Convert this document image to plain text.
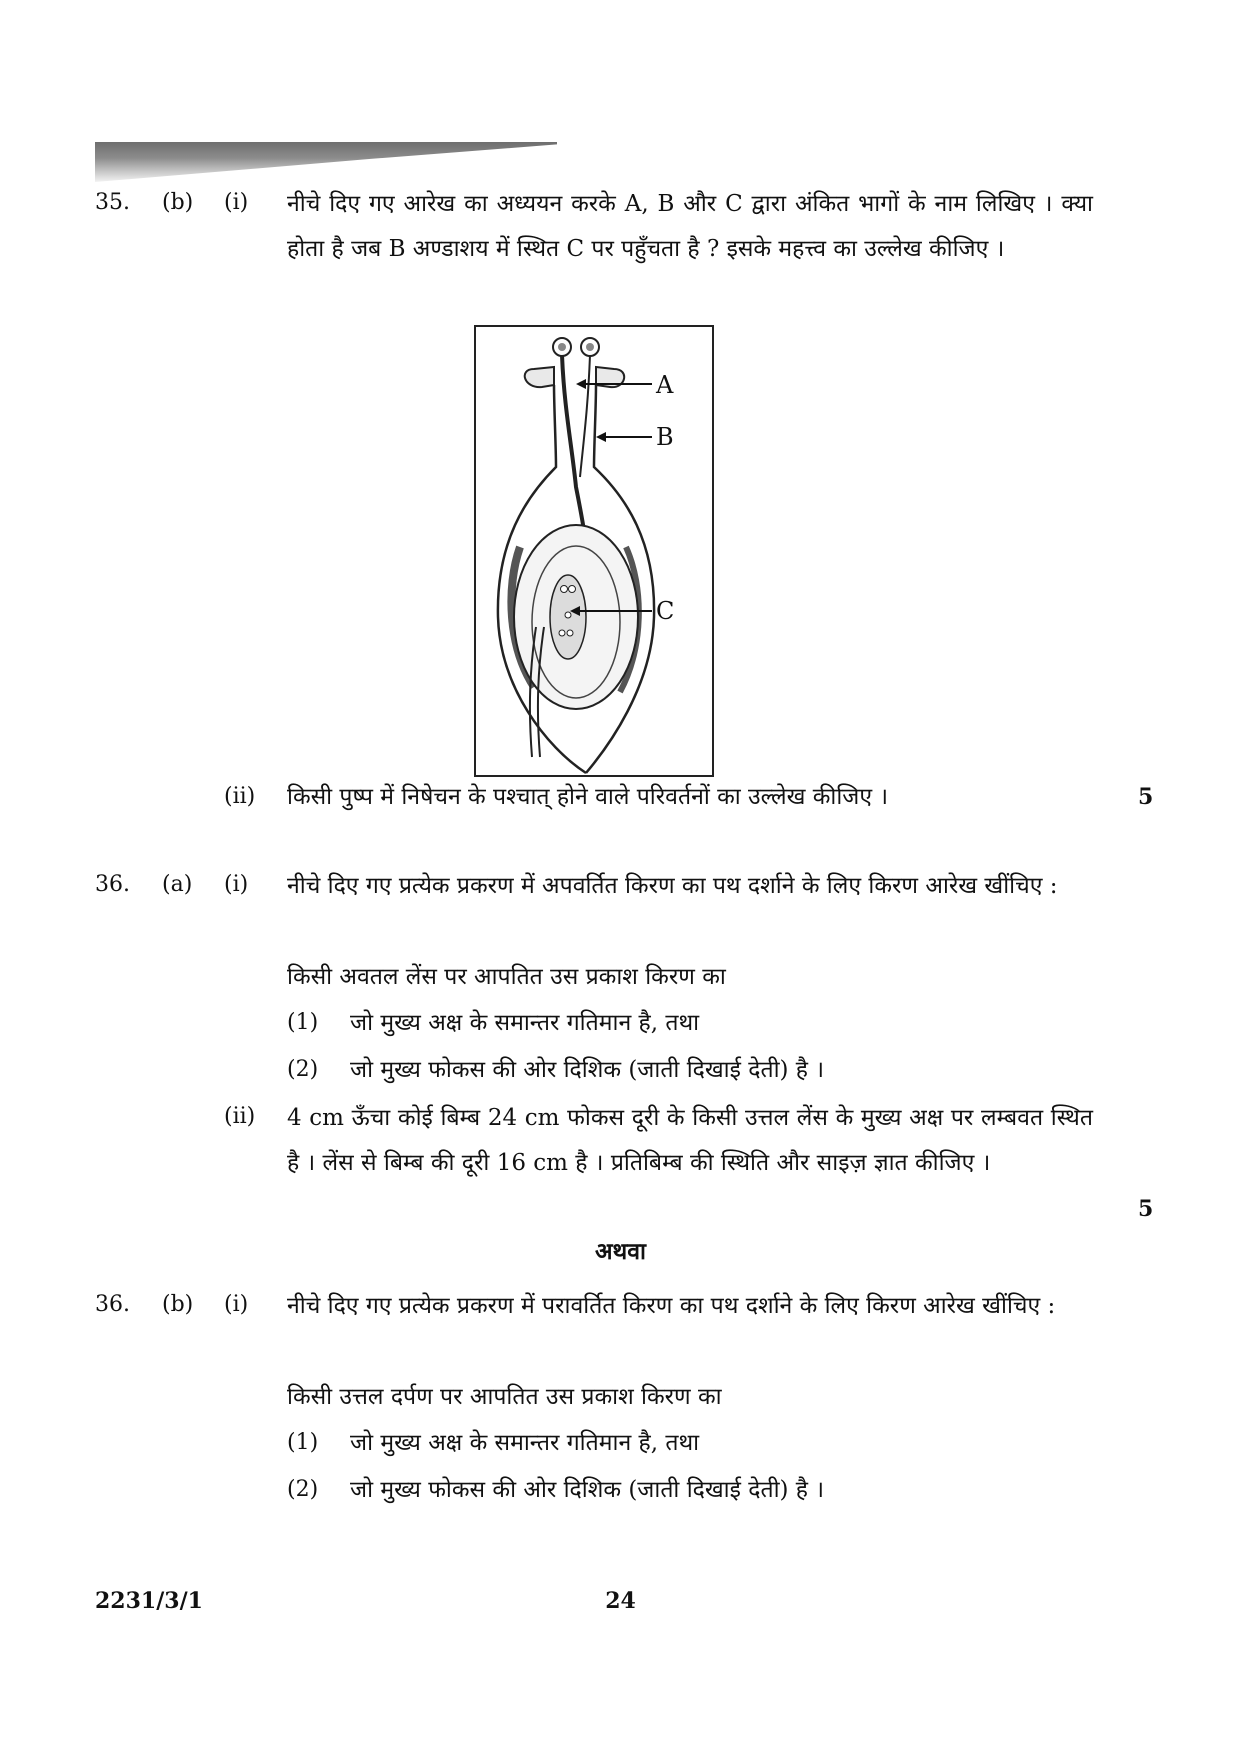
35. (b) (i) नीचे दिए गए आरेख का अध्ययन करके A, B और C द्वारा अंकित भागों के नाम लिखिए । क्या होता है जब B अण्डाशय में स्थित C पर पहुँचता है ? इसके महत्त्व का उल्लेख कीजिए ।
A
B
C
(ii) किसी पुष्प में निषेचन के पश्चात् होने वाले परिवर्तनों का उल्लेख कीजिए ।	5
36. (a) (i) नीचे दिए गए प्रत्येक प्रकरण में अपवर्तित किरण का पथ दर्शाने के लिए किरण आरेख खींचिए :
किसी अवतल लेंस पर आपतित उस प्रकाश किरण का
(1) जो मुख्य अक्ष के समान्तर गतिमान है, तथा
(2) जो मुख्य फोकस की ओर दिशिक (जाती दिखाई देती) है ।
(ii) 4 cm ऊँचा कोई बिम्ब 24 cm फोकस दूरी के किसी उत्तल लेंस के मुख्य अक्ष पर लम्बवत स्थित है । लेंस से बिम्ब की दूरी 16 cm है । प्रतिबिम्ब की स्थिति और साइज़ ज्ञात कीजिए ।
5
अथवा
36. (b) (i) नीचे दिए गए प्रत्येक प्रकरण में परावर्तित किरण का पथ दर्शाने के लिए किरण आरेख खींचिए :
किसी उत्तल दर्पण पर आपतित उस प्रकाश किरण का
(1) जो मुख्य अक्ष के समान्तर गतिमान है, तथा
(2) जो मुख्य फोकस की ओर दिशिक (जाती दिखाई देती) है ।
2231/3/1	24
